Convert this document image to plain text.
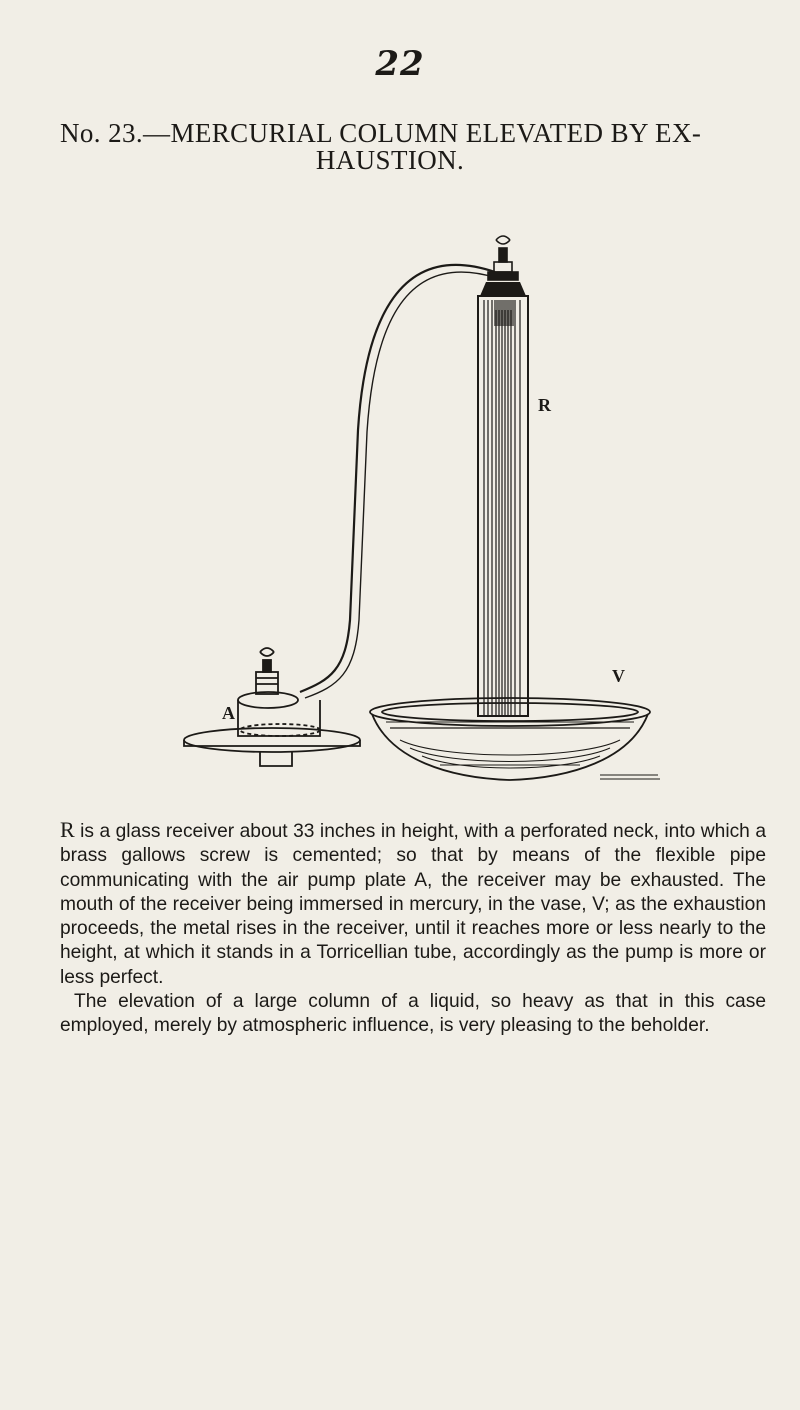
22
No. 23.—MERCURIAL COLUMN ELEVATED BY EX-
HAUSTION.
R
V
A

R is a glass receiver about 33 inches in height, with a perforated neck, into which a brass gallows screw is cemented; so that by means of the flexible pipe communicating with the air pump plate A, the receiver may be exhausted. The mouth of the receiver being immersed in mercury, in the vase, V; as the exhaustion proceeds, the metal rises in the receiver, until it reaches more or less nearly to the height, at which it stands in a Torricellian tube, accordingly as the pump is more or less perfect.

The elevation of a large column of a liquid, so heavy as that in this case employed, merely by atmospheric influence, is very pleasing to the beholder.
